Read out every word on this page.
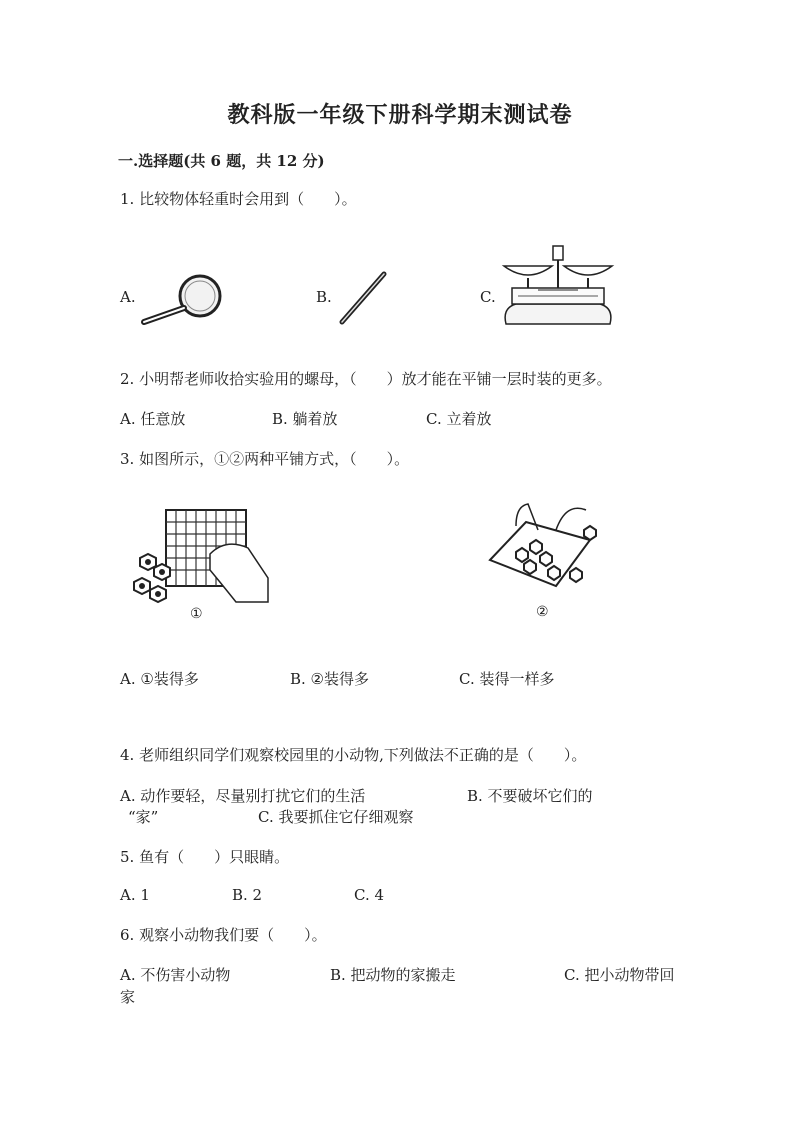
教科版一年级下册科学期末测试卷
一.选择题(共 6 题，共 12 分)
1. 比较物体轻重时会用到（　　）。
A.	B.	C.
2. 小明帮老师收拾实验用的螺母，（　　）放才能在平铺一层时装的更多。
A. 任意放	B. 躺着放	C. 立着放
3. 如图所示，①②两种平铺方式，（　　）。
①	②
A. ①装得多	B. ②装得多	C. 装得一样多
4. 老师组织同学们观察校园里的小动物,下列做法不正确的是（　　）。
A. 动作要轻，尽量别打扰它们的生活	B. 不要破坏它们的
“家”	C. 我要抓住它仔细观察
5. 鱼有（　　）只眼睛。
A. 1	B. 2	C. 4
6. 观察小动物我们要（　　）。
A. 不伤害小动物	B. 把动物的家搬走	C. 把小动物带回
家
